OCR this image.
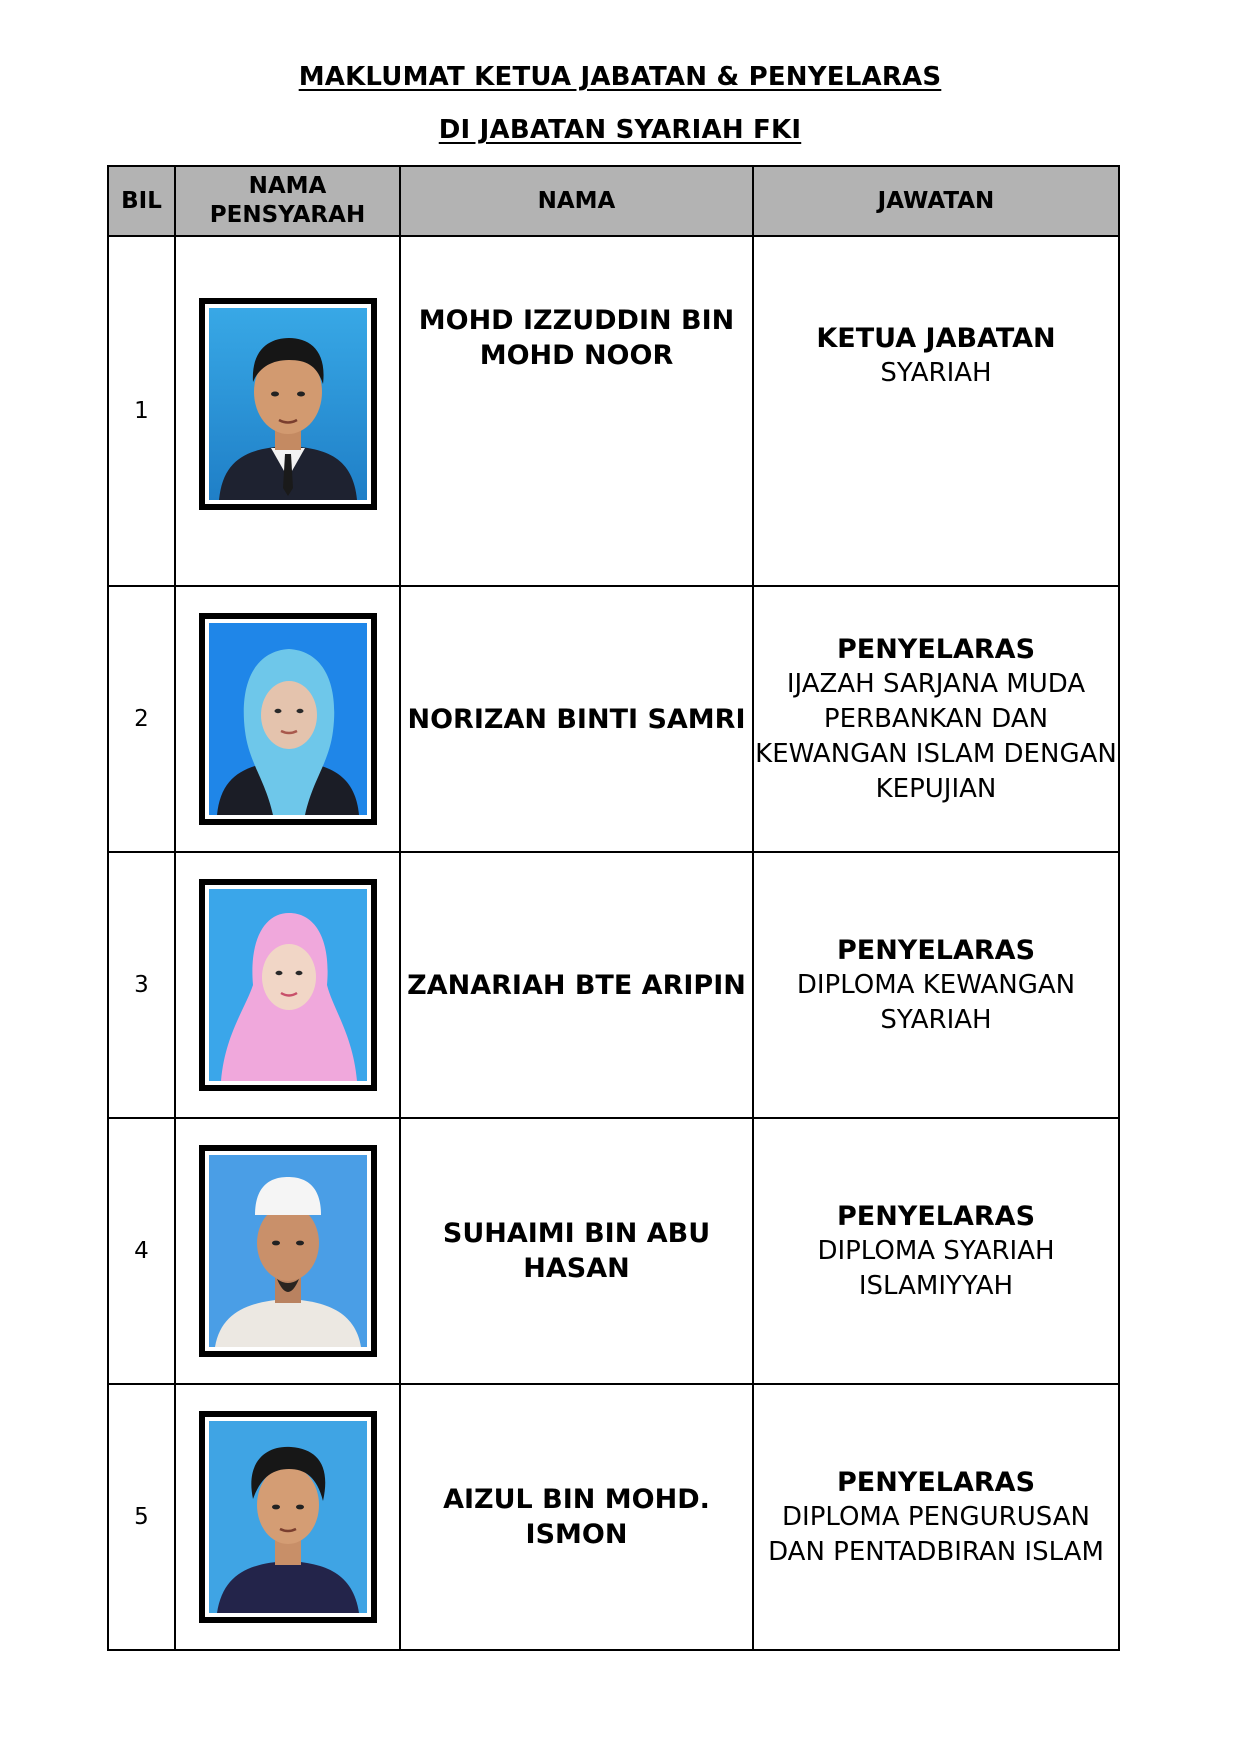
MAKLUMAT KETUA JABATAN & PENYELARAS
DI JABATAN SYARIAH FKI
BIL	NAMA PENSYARAH	NAMA	JAWATAN
1		MOHD IZZUDDIN BIN MOHD NOOR	KETUA JABATAN
SYARIAH

2		NORIZAN BINTI SAMRI	PENYELARAS
IJAZAH SARJANA MUDA PERBANKAN DAN KEWANGAN ISLAM DENGAN KEPUJIAN

3		ZANARIAH BTE ARIPIN	PENYELARAS
DIPLOMA KEWANGAN SYARIAH

4		SUHAIMI BIN ABU HASAN	PENYELARAS
DIPLOMA SYARIAH ISLAMIYYAH

5		AIZUL BIN MOHD. ISMON	PENYELARAS
DIPLOMA PENGURUSAN DAN PENTADBIRAN ISLAM
